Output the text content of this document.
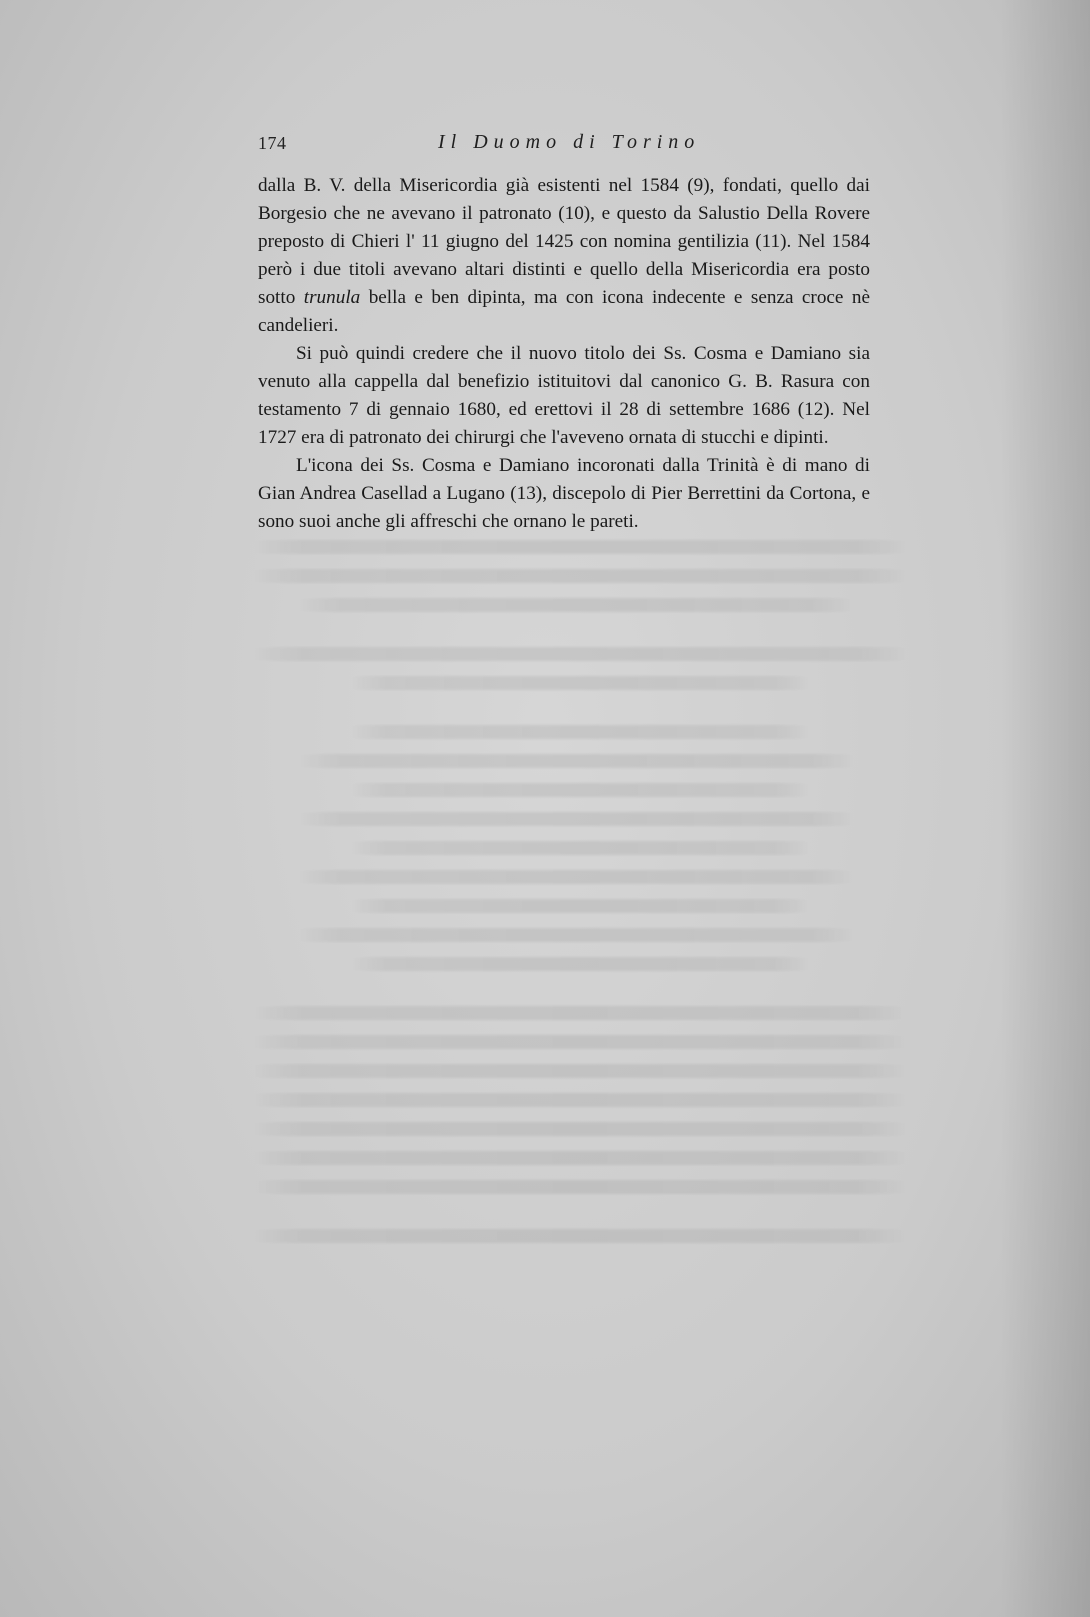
174	Il Duomo di Torino

dalla B. V. della Misericordia già esistenti nel 1584 (9), fondati, quello dai Borgesio che ne avevano il patronato (10), e questo da Salustio Della Rovere preposto di Chieri l' 11 giugno del 1425 con nomina gentilizia (11). Nel 1584 però i due titoli avevano altari distinti e quello della Misericordia era posto sotto trunula bella e ben dipinta, ma con icona indecente e senza croce nè candelieri.

Si può quindi credere che il nuovo titolo dei Ss. Cosma e Damiano sia venuto alla cappella dal benefizio istituitovi dal canonico G. B. Rasura con testamento 7 di gennaio 1680, ed erettovi il 28 di settembre 1686 (12). Nel 1727 era di patronato dei chirurgi che l'aveveno ornata di stucchi e dipinti.

L'icona dei Ss. Cosma e Damiano incoronati dalla Trinità è di mano di Gian Andrea Casellad a Lugano (13), discepolo di Pier Berrettini da Cortona, e sono suoi anche gli affreschi che ornano le pareti.
